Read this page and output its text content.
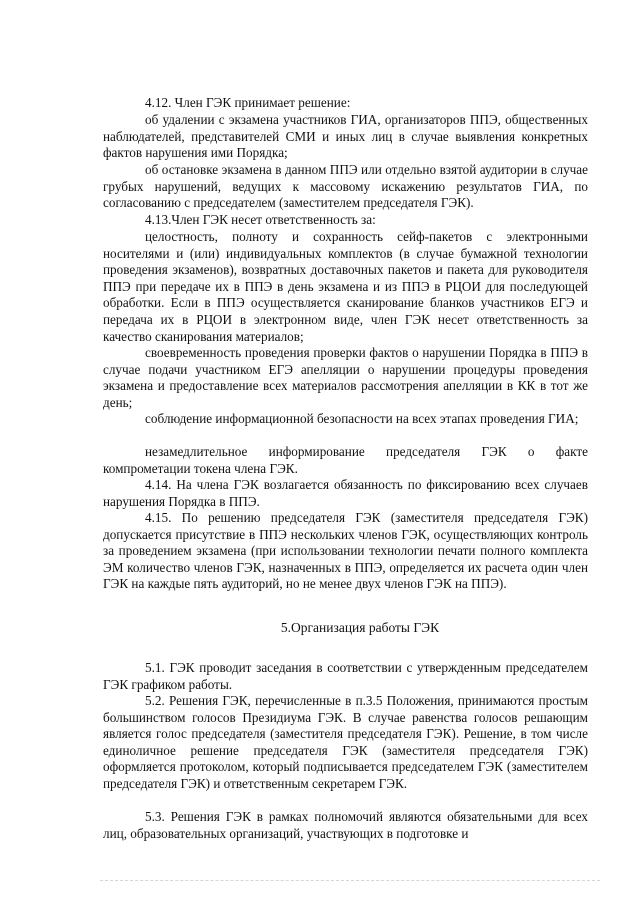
4.12. Член ГЭК принимает решение:

об удалении с экзамена участников ГИА, организаторов ППЭ, общественных наблюдателей, представителей СМИ и иных лиц в случае выявления конкретных фактов нарушения ими Порядка;

об остановке экзамена в данном ППЭ или отдельно взятой аудитории в случае грубых нарушений, ведущих к массовому искажению результатов ГИА, по согласованию с председателем (заместителем председателя ГЭК).

4.13.Член ГЭК несет ответственность за:

целостность, полноту и сохранность сейф-пакетов с электронными носителями и (или) индивидуальных комплектов (в случае бумажной технологии проведения экзаменов), возвратных доставочных пакетов и пакета для руководителя ППЭ при передаче их в ППЭ в день экзамена и из ППЭ в РЦОИ для последующей обработки. Если в ППЭ осуществляется сканирование бланков участников ЕГЭ и передача их в РЦОИ в электронном виде, член ГЭК несет ответственность за качество сканирования материалов;

своевременность проведения проверки фактов о нарушении Порядка в ППЭ в случае подачи участником ЕГЭ апелляции о нарушении процедуры проведения экзамена и предоставление всех материалов рассмотрения апелляции в КК в тот же день;

соблюдение информационной безопасности на всех этапах проведения ГИА;

незамедлительное информирование председателя ГЭК о факте компрометации токена члена ГЭК.

4.14. На члена ГЭК возлагается обязанность по фиксированию всех случаев нарушения Порядка в ППЭ.

4.15. По решению председателя ГЭК (заместителя председателя ГЭК) допускается присутствие в ППЭ нескольких членов ГЭК, осуществляющих контроль за проведением экзамена (при использовании технологии печати полного комплекта ЭМ количество членов ГЭК, назначенных в ППЭ, определяется их расчета один член ГЭК на каждые пять аудиторий, но не менее двух членов ГЭК на ППЭ).

5.Организация работы ГЭК

5.1. ГЭК проводит заседания в соответствии с утвержденным председателем ГЭК графиком работы.

5.2. Решения ГЭК, перечисленные в п.3.5 Положения, принимаются простым большинством голосов Президиума ГЭК. В случае равенства голосов решающим является голос председателя (заместителя председателя ГЭК). Решение, в том числе единоличное решение председателя ГЭК (заместителя председателя ГЭК) оформляется протоколом, который подписывается председателем ГЭК (заместителем председателя ГЭК) и ответственным секретарем ГЭК.

5.3. Решения ГЭК в рамках полномочий являются обязательными для всех лиц, образовательных организаций, участвующих в подготовке и
